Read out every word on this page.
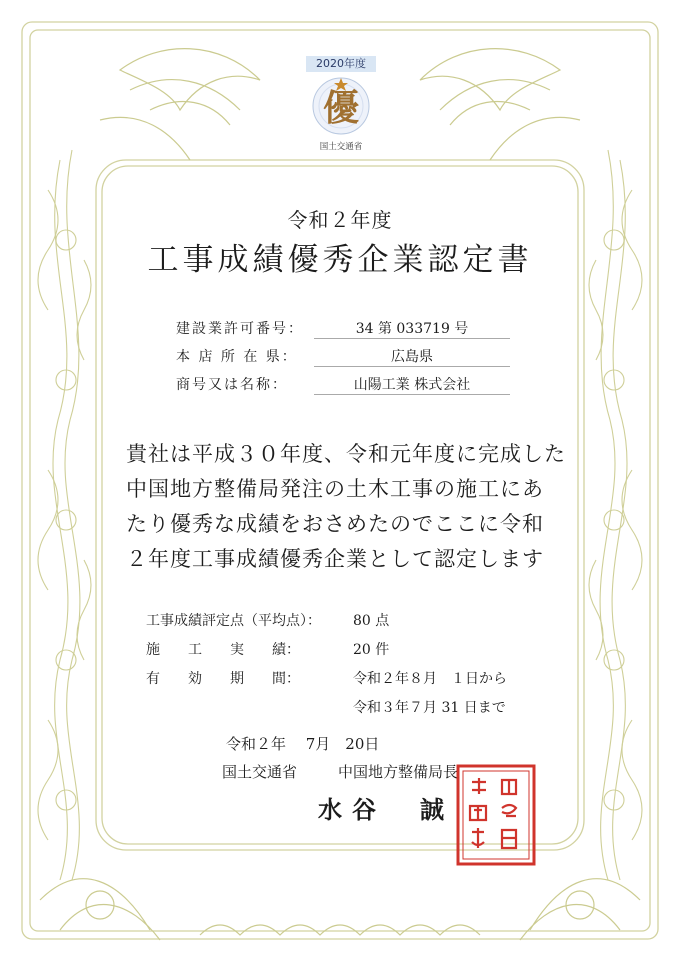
2020年度
優
国土交通省
令和２年度
工事成績優秀企業認定書
建設業許可番号：	34 第 033719 号
本 店 所 在 県：	広島県
商号又は名称：	山陽工業 株式会社
貴社は平成３０年度、令和元年度に完成した
中国地方整備局発注の土木工事の施工にあ
たり優秀な成績をおさめたのでここに令和
２年度工事成績優秀企業として認定します
工事成績評定点（平均点）： 80 点
施　　工　　実　　績：	20 件
有　　効　　期　　間：	令和２年８月　１日から
令和３年７月 31 日まで
令和２年　 7月　20日
国土交通省	中国地方整備局長
水谷　誠
